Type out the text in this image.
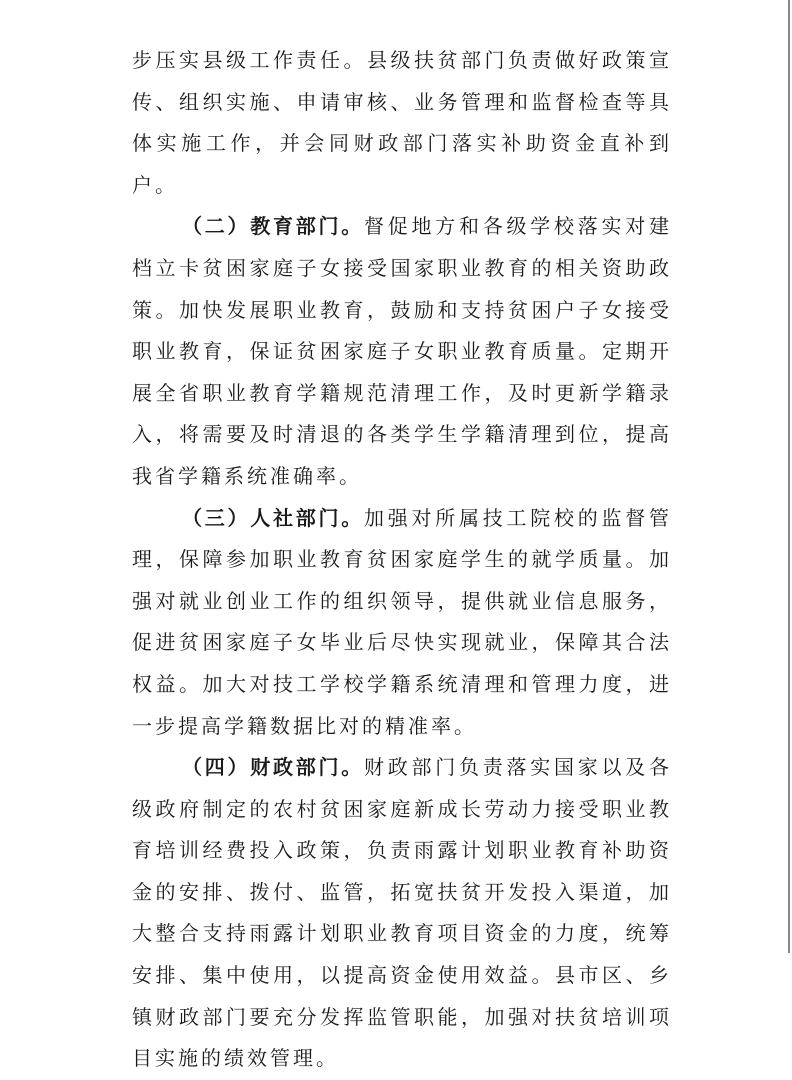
步压实县级工作责任。县级扶贫部门负责做好政策宣传、组织实施、申请审核、业务管理和监督检查等具体实施工作，并会同财政部门落实补助资金直补到户。

（二）教育部门。督促地方和各级学校落实对建档立卡贫困家庭子女接受国家职业教育的相关资助政策。加快发展职业教育，鼓励和支持贫困户子女接受职业教育，保证贫困家庭子女职业教育质量。定期开展全省职业教育学籍规范清理工作，及时更新学籍录入，将需要及时清退的各类学生学籍清理到位，提高我省学籍系统准确率。

（三）人社部门。加强对所属技工院校的监督管理，保障参加职业教育贫困家庭学生的就学质量。加强对就业创业工作的组织领导，提供就业信息服务，促进贫困家庭子女毕业后尽快实现就业，保障其合法权益。加大对技工学校学籍系统清理和管理力度，进一步提高学籍数据比对的精准率。

（四）财政部门。财政部门负责落实国家以及各级政府制定的农村贫困家庭新成长劳动力接受职业教育培训经费投入政策，负责雨露计划职业教育补助资金的安排、拨付、监管，拓宽扶贫开发投入渠道，加大整合支持雨露计划职业教育项目资金的力度，统筹安排、集中使用，以提高资金使用效益。县市区、乡镇财政部门要充分发挥监管职能，加强对扶贫培训项目实施的绩效管理。
